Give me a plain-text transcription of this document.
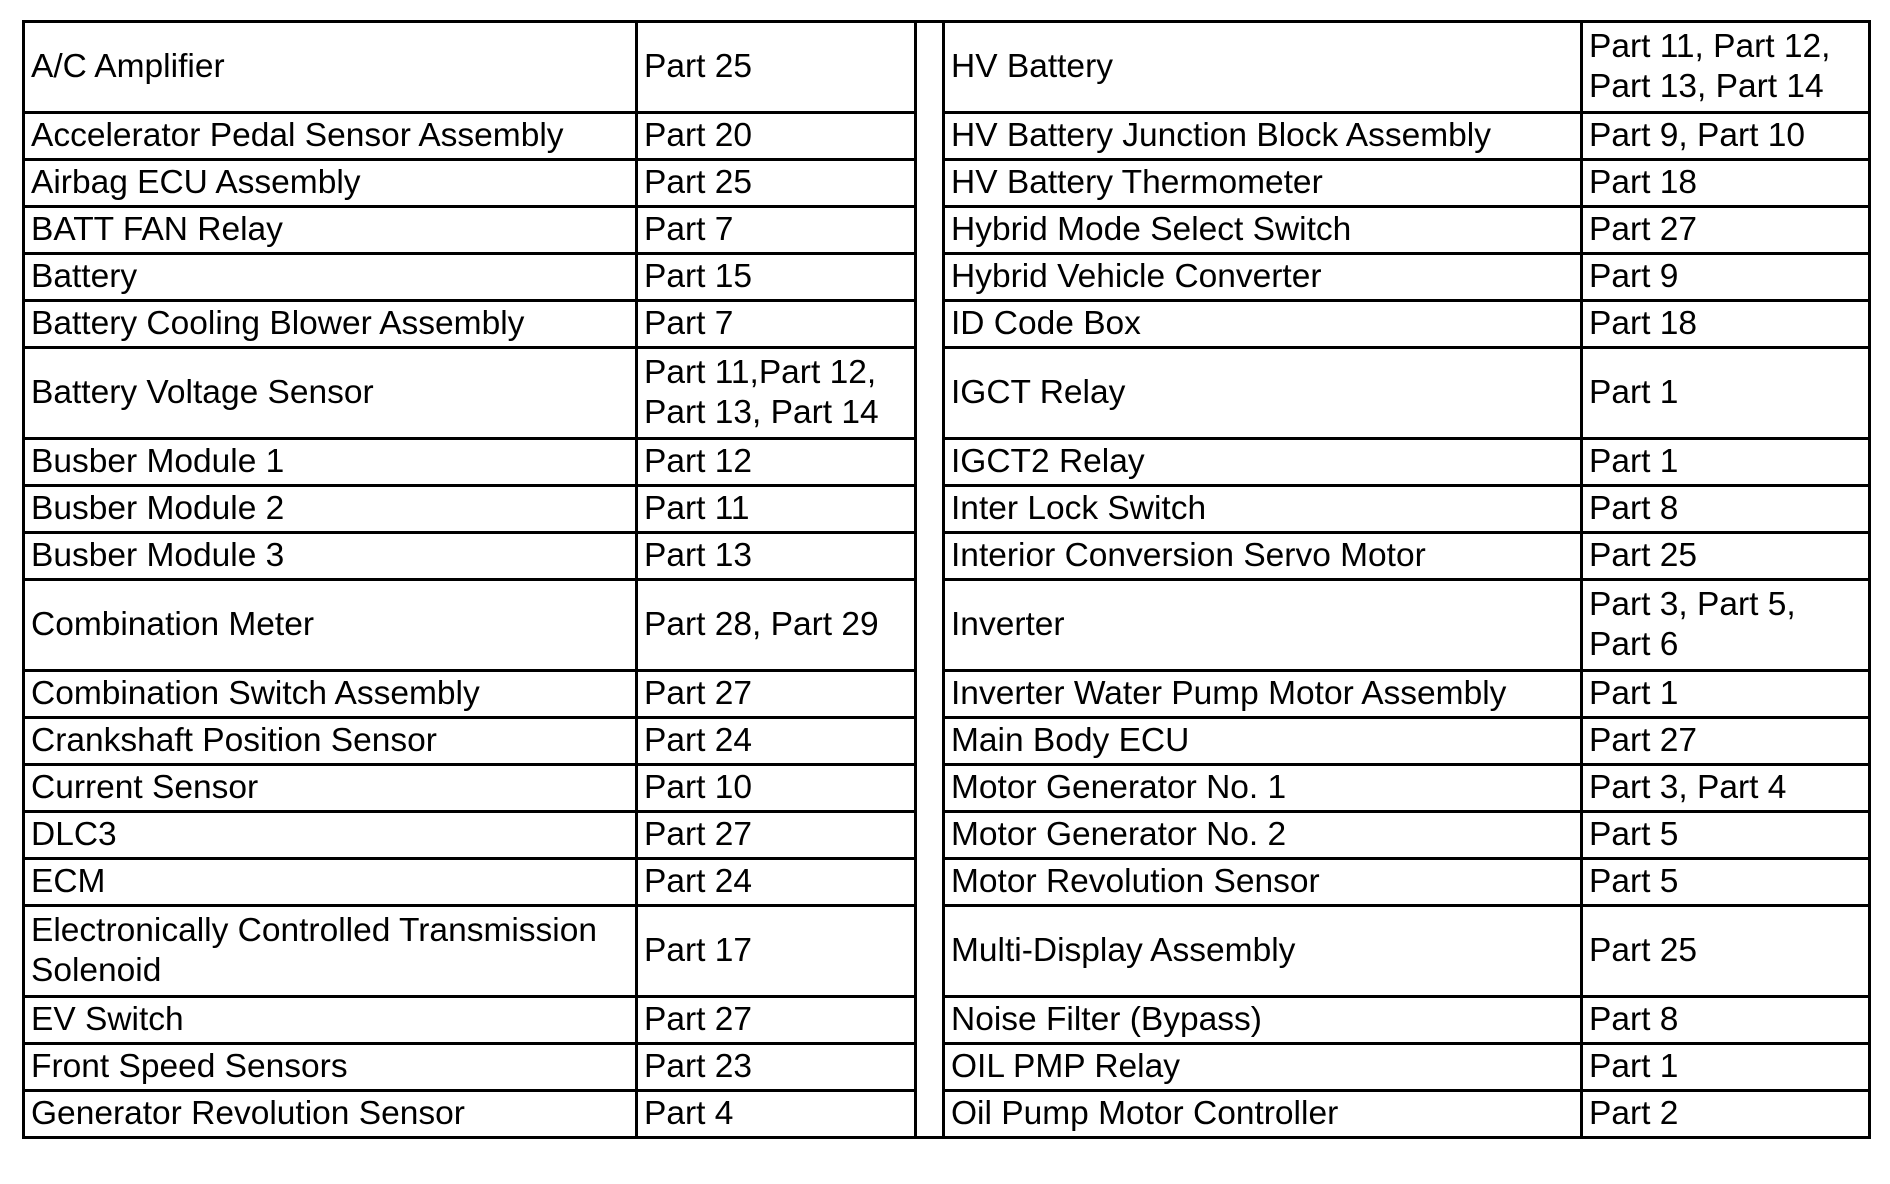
A/C Amplifier	Part 25		HV Battery	Part 11, Part 12, Part 13, Part 14
Accelerator Pedal Sensor Assembly	Part 20		HV Battery Junction Block Assembly	Part 9, Part 10
Airbag ECU Assembly	Part 25		HV Battery Thermometer	Part 18
BATT FAN Relay	Part 7		Hybrid Mode Select Switch	Part 27
Battery	Part 15		Hybrid Vehicle Converter	Part 9
Battery Cooling Blower Assembly	Part 7		ID Code Box	Part 18
Battery Voltage Sensor	Part 11,Part 12, Part 13, Part 14		IGCT Relay	Part 1
Busber Module 1	Part 12		IGCT2 Relay	Part 1
Busber Module 2	Part 11		Inter Lock Switch	Part 8
Busber Module 3	Part 13		Interior Conversion Servo Motor	Part 25
Combination Meter	Part 28, Part 29		Inverter	Part 3, Part 5, Part 6
Combination Switch Assembly	Part 27		Inverter Water Pump Motor Assembly	Part 1
Crankshaft Position Sensor	Part 24		Main Body ECU	Part 27
Current Sensor	Part 10		Motor Generator No. 1	Part 3, Part 4
DLC3	Part 27		Motor Generator No. 2	Part 5
ECM	Part 24		Motor Revolution Sensor	Part 5
Electronically Controlled Transmission Solenoid	Part 17		Multi-Display Assembly	Part 25
EV Switch	Part 27		Noise Filter (Bypass)	Part 8
Front Speed Sensors	Part 23		OIL PMP Relay	Part 1
Generator Revolution Sensor	Part 4		Oil Pump Motor Controller	Part 2
